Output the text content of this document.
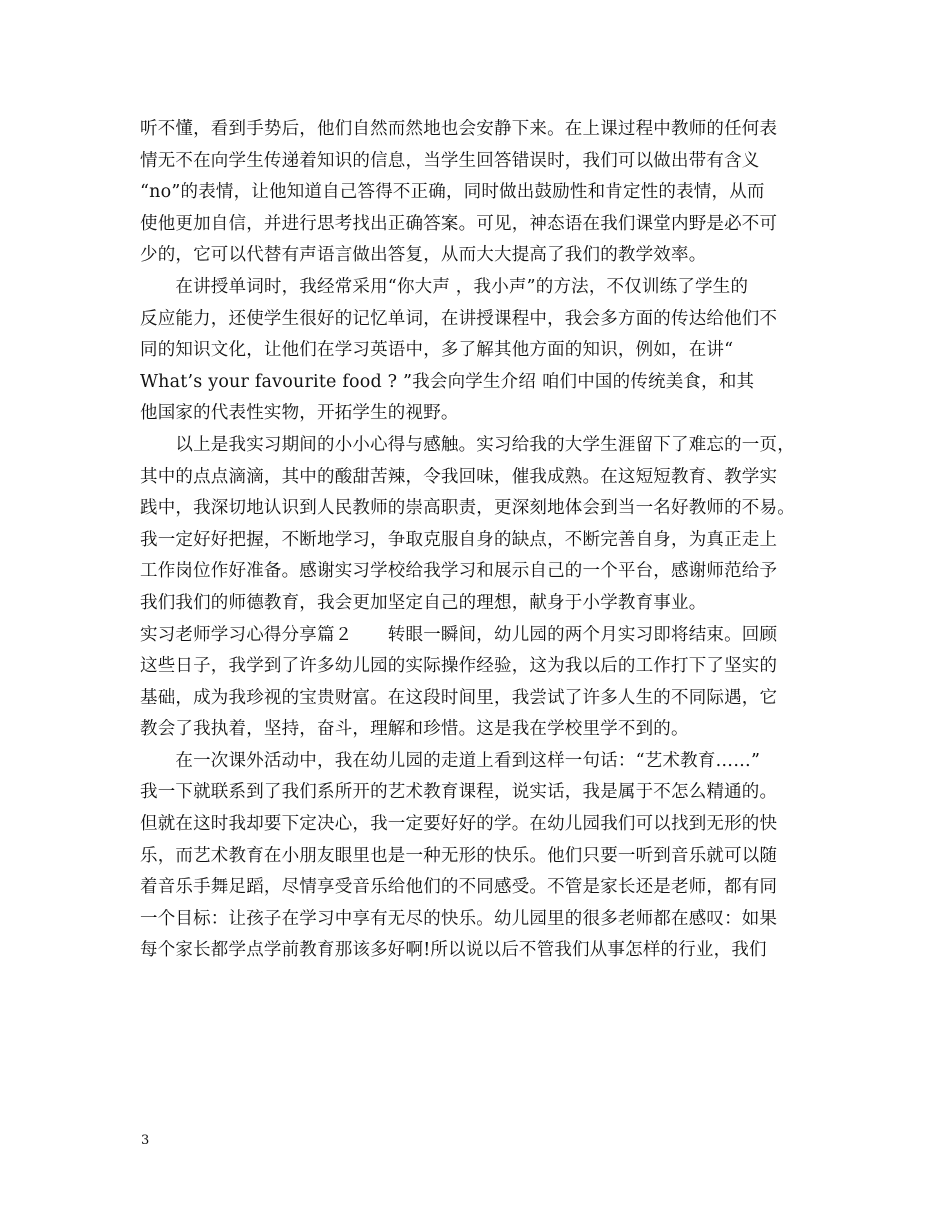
听不懂，看到手势后，他们自然而然地也会安静下来。在上课过程中教师的任何表
情无不在向学生传递着知识的信息，当学生回答错误时，我们可以做出带有含义
“no”的表情，让他知道自己答得不正确，同时做出鼓励性和肯定性的表情，从而
使他更加自信，并进行思考找出正确答案。可见，神态语在我们课堂内野是必不可
少的，它可以代替有声语言做出答复，从而大大提高了我们的教学效率。
　　在讲授单词时，我经常采用“你大声 ，我小声”的方法，不仅训练了学生的
反应能力，还使学生很好的记忆单词，在讲授课程中，我会多方面的传达给他们不
同的知识文化，让他们在学习英语中，多了解其他方面的知识，例如，在讲“
What’s your favourite food ? ”我会向学生介绍 咱们中国的传统美食，和其
他国家的代表性实物，开拓学生的视野。
　　以上是我实习期间的小小心得与感触。实习给我的大学生涯留下了难忘的一页，
其中的点点滴滴，其中的酸甜苦辣，令我回味，催我成熟。在这短短教育、教学实
践中，我深切地认识到人民教师的崇高职责，更深刻地体会到当一名好教师的不易。
我一定好好把握，不断地学习，争取克服自身的缺点，不断完善自身，为真正走上
工作岗位作好准备。感谢实习学校给我学习和展示自己的一个平台，感谢师范给予
我们我们的师德教育，我会更加坚定自己的理想，献身于小学教育事业。
实习老师学习心得分享篇２　　转眼一瞬间，幼儿园的两个月实习即将结束。回顾
这些日子，我学到了许多幼儿园的实际操作经验，这为我以后的工作打下了坚实的
基础，成为我珍视的宝贵财富。在这段时间里，我尝试了许多人生的不同际遇，它
教会了我执着，坚持，奋斗，理解和珍惜。这是我在学校里学不到的。
　　在一次课外活动中，我在幼儿园的走道上看到这样一句话：“艺术教育……”
我一下就联系到了我们系所开的艺术教育课程，说实话，我是属于不怎么精通的。
但就在这时我却要下定决心，我一定要好好的学。在幼儿园我们可以找到无形的快
乐，而艺术教育在小朋友眼里也是一种无形的快乐。他们只要一听到音乐就可以随
着音乐手舞足蹈，尽情享受音乐给他们的不同感受。不管是家长还是老师，都有同
一个目标：让孩子在学习中享有无尽的快乐。幼儿园里的很多老师都在感叹：如果
每个家长都学点学前教育那该多好啊!所以说以后不管我们从事怎样的行业，我们
3
